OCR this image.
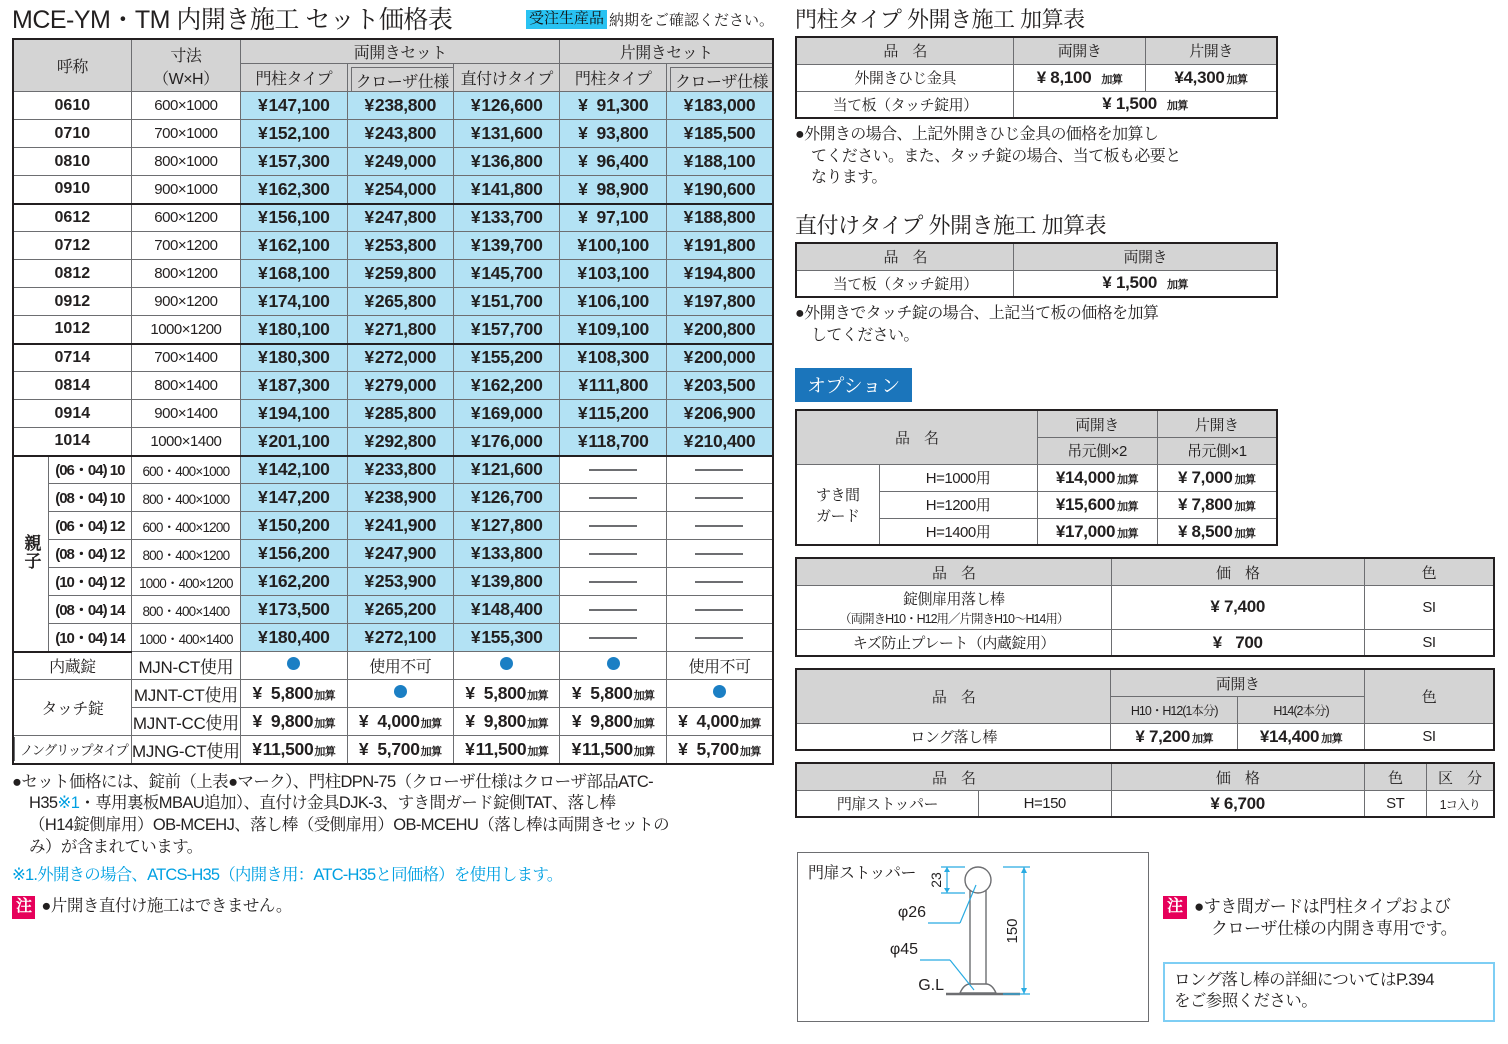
MCE-YM・TM 内開き施工 セット価格表	受注生産品 納期をご確認ください。
呼称		寸法
（W×H）	両開きセット			片開きセット	
			門柱タイプ	クローザ仕様	直付けタイプ	門柱タイプ	クローザ仕様

0610		600×1000	¥ 147,100	¥ 238,800	¥ 126,600	¥ 91,300	¥ 183,000

0710		700×1000	¥ 152,100	¥ 243,800	¥ 131,600	¥ 93,800	¥ 185,500

0810		800×1000	¥ 157,300	¥ 249,000	¥ 136,800	¥ 96,400	¥ 188,100

0910		900×1000	¥ 162,300	¥ 254,000	¥ 141,800	¥ 98,900	¥ 190,600

0612		600×1200	¥ 156,100	¥ 247,800	¥ 133,700	¥ 97,100	¥ 188,800

0712		700×1200	¥ 162,100	¥ 253,800	¥ 139,700	¥ 100,100	¥ 191,800

0812		800×1200	¥ 168,100	¥ 259,800	¥ 145,700	¥ 103,100	¥ 194,800

0912		900×1200	¥ 174,100	¥ 265,800	¥ 151,700	¥ 106,100	¥ 197,800

1012		1000×1200	¥ 180,100	¥ 271,800	¥ 157,700	¥ 109,100	¥ 200,800

0714		700×1400	¥ 180,300	¥ 272,000	¥ 155,200	¥ 108,300	¥ 200,000

0814		800×1400	¥ 187,300	¥ 279,000	¥ 162,200	¥ 111,800	¥ 203,500

0914		900×1400	¥ 194,100	¥ 285,800	¥ 169,000	¥ 115,200	¥ 206,900

1014		1000×1400	¥ 201,100	¥ 292,800	¥ 176,000	¥ 118,700	¥ 210,400

親子	(06・04) 10	600・400×1000	¥ 142,100	¥ 233,800	¥ 121,600		

	(08・04) 10	800・400×1000	¥ 147,200	¥ 238,900	¥ 126,700		

	(06・04) 12	600・400×1200	¥ 150,200	¥ 241,900	¥ 127,800		

	(08・04) 12	800・400×1200	¥ 156,200	¥ 247,900	¥ 133,800		

	(10・04) 12	1000・400×1200	¥ 162,200	¥ 253,900	¥ 139,800		

	(08・04) 14	800・400×1400	¥ 173,500	¥ 265,200	¥ 148,400		

	(10・04) 14	1000・400×1400	¥ 180,400	¥ 272,100	¥ 155,300		

内蔵錠		MJN-CT使用		使用不可			使用不可
タッチ錠		MJNT-CT使用	¥ 5,800 加算		¥ 5,800 加算	¥ 5,800 加算	

		MJNT-CC使用	¥ 9,800 加算	¥ 4,000 加算	¥ 9,800 加算	¥ 9,800 加算	¥ 4,000 加算

ノングリップタイプ		MJNG-CT使用	¥ 11,500 加算	¥ 5,700 加算	¥ 11,500 加算	¥ 11,500 加算	¥ 5,700 加算
●セット価格には、錠前（上表●マーク）、門柱DPN-75（クローザ仕様はクローザ部品ATC-
H35※1・専用裏板MBAU追加）、直付け金具DJK-3、すき間ガード錠側TAT、落し棒
（H14錠側扉用）OB-MCEHJ、落し棒（受側扉用）OB-MCEHU（落し棒は両開きセットの
み）が含まれています。
※1.外開きの場合、ATCS-H35（内開き用：ATC-H35と同価格）を使用します。
注 ●片開き直付け施工はできません。
門柱タイプ 外開き施工 加算表
品　名	両開き	片開き
外開きひじ金具	¥ 8,100 加算	¥4,300 加算

当て板（タッチ錠用）	¥ 1,500 加算	
●外開きの場合、上記外開きひじ金具の価格を加算し
てください。また、タッチ錠の場合、当て板も必要と
なります。
直付けタイプ 外開き施工 加算表
品　名	両開き
当て板（タッチ錠用）	¥ 1,500 加算
●外開きでタッチ錠の場合、上記当て板の価格を加算
してください。
オプション
品　名		両開き	片開き
		吊元側×2	吊元側×1

すき間
ガード
	H=1000用	¥14,000 加算	¥ 7,000 加算

	H=1200用	¥15,600 加算	¥ 7,800 加算

	H=1400用	¥17,000 加算	¥ 8,500 加算
品　名	価　格	色

錠側扉用落し棒
（両開きH10・H12用／片開きH10〜H14用）	¥ 7,400	SI
キズ防止プレート（内蔵錠用）	¥   700	SI
品　名	両開き		色
	H10・H12(1本分)	H14(2本分)	
ロング落し棒	¥ 7,200 加算	¥14,400 加算	SI
品　名		価　格	色	区　分
門扉ストッパー	H=150	¥ 6,700	ST	1コ入り
門扉ストッパー 23
150
φ26
φ45
G.L
注 ●すき間ガードは門柱タイプおよび
クローザ仕様の内開き専用です。
ロング落し棒の詳細についてはP.394
をご参照ください。
